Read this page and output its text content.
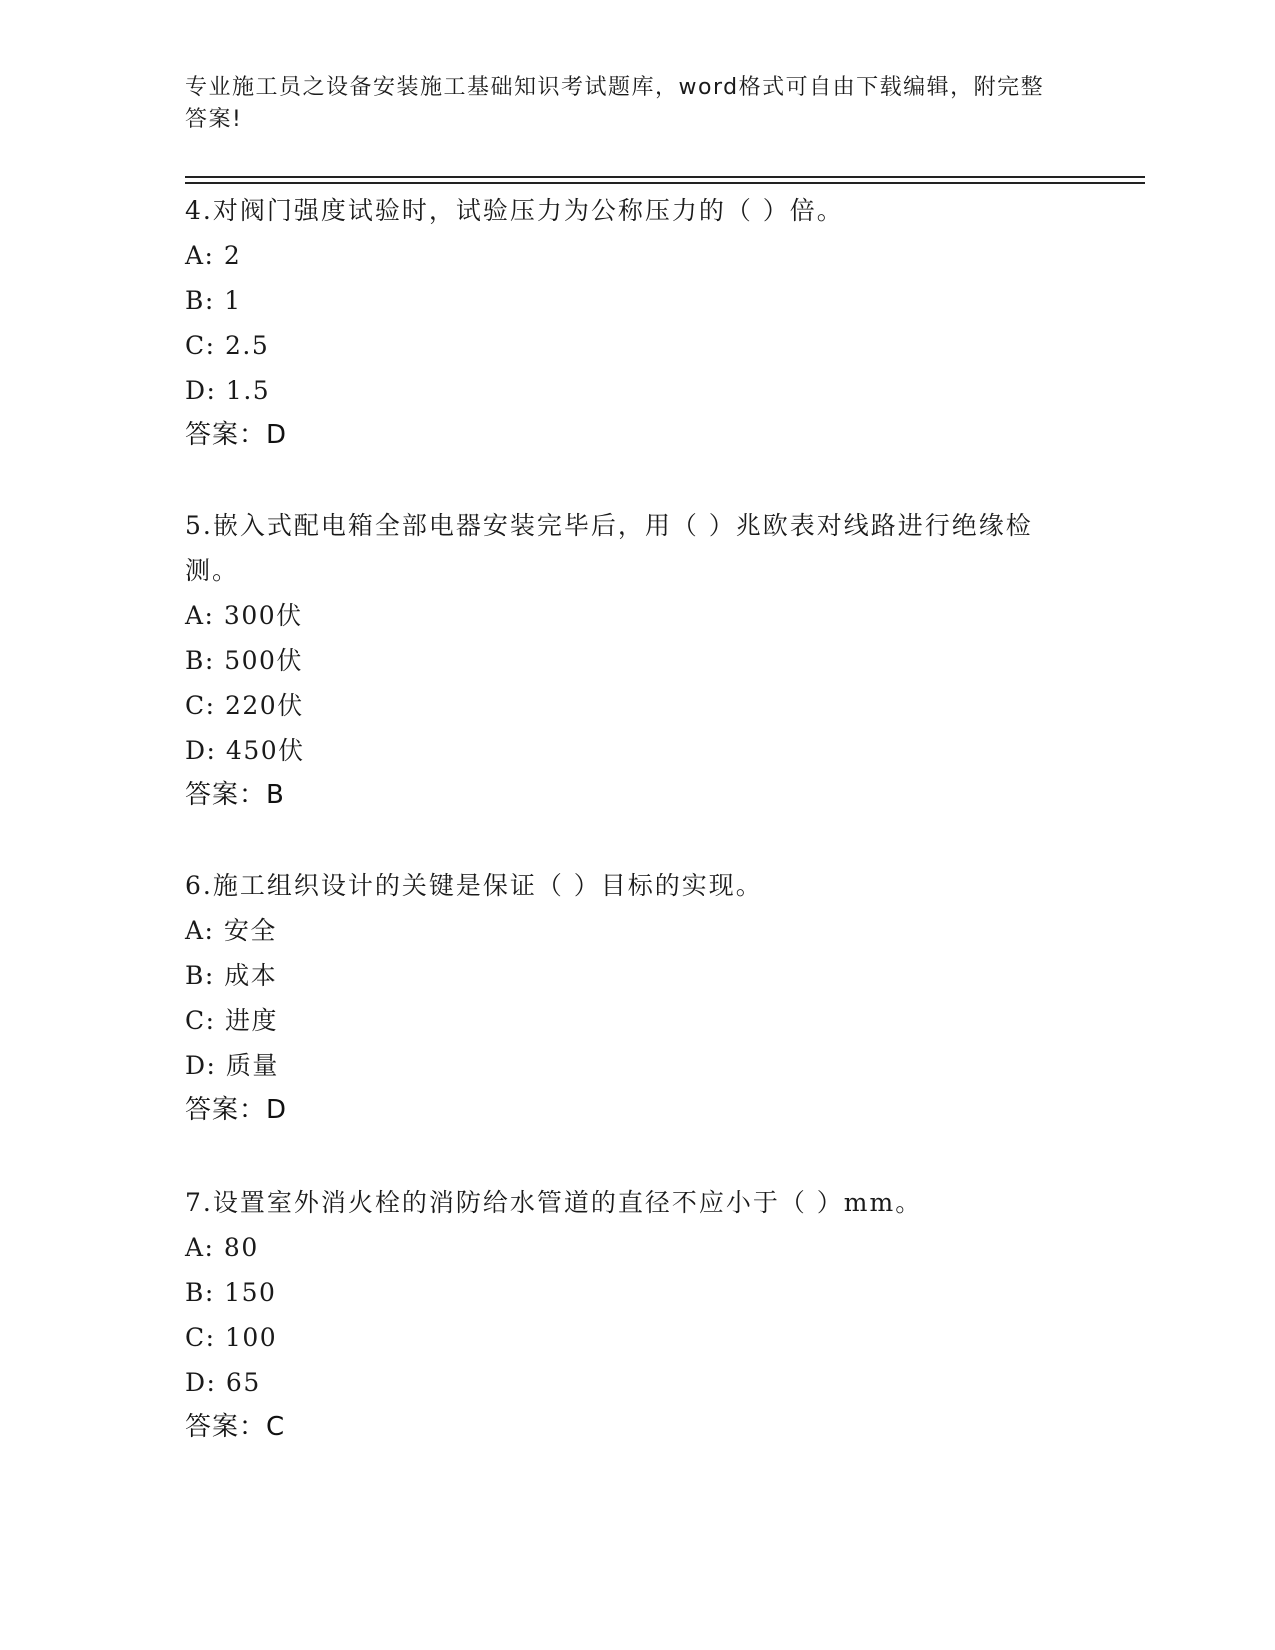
专业施工员之设备安装施工基础知识考试题库，word格式可自由下载编辑，附完整答案!

4.对阀门强度试验时，试验压力为公称压力的（ ）倍。

A: 2
B: 1
C: 2.5
D: 1.5
答案：D

5.嵌入式配电箱全部电器安装完毕后，用（ ）兆欧表对线路进行绝缘检测。

A: 300伏
B: 500伏
C: 220伏
D: 450伏
答案：B

6.施工组织设计的关键是保证（ ）目标的实现。

A: 安全
B: 成本
C: 进度
D: 质量
答案：D

7.设置室外消火栓的消防给水管道的直径不应小于（ ）mm。

A: 80
B: 150
C: 100
D: 65
答案：C
